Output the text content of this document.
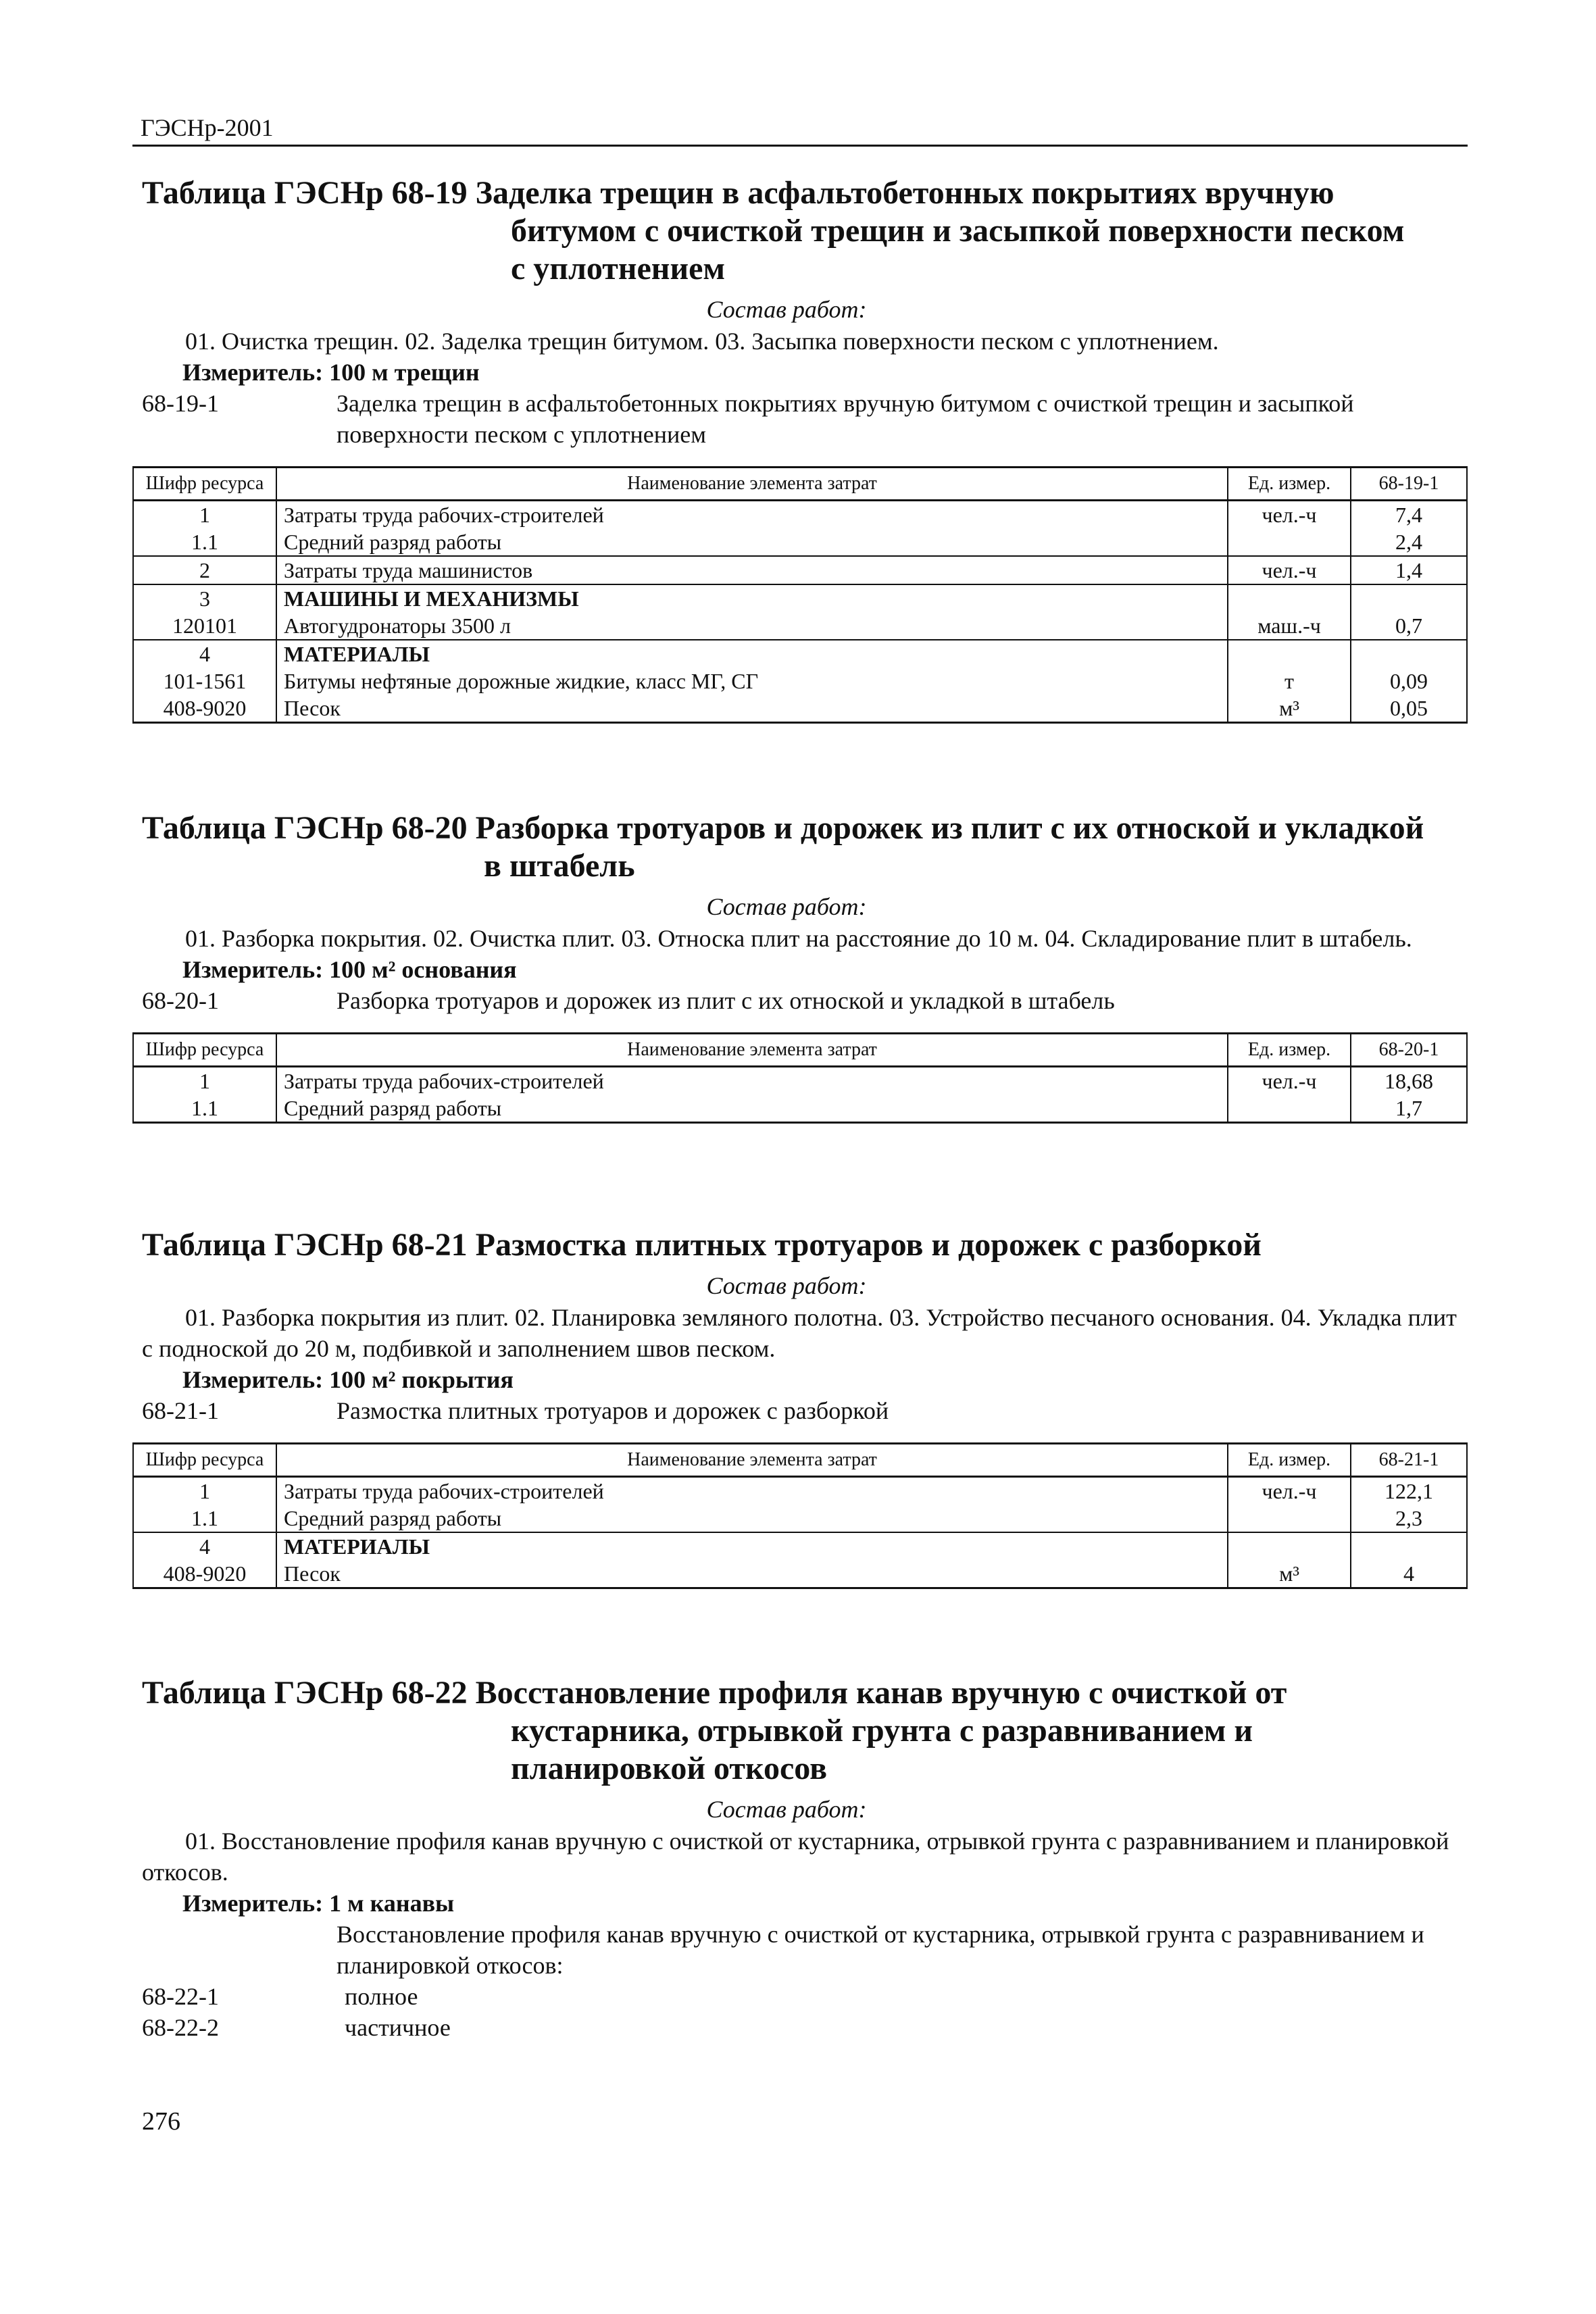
ГЭСНр-2001
Таблица ГЭСНр 68-19 Заделка трещин в асфальтобетонных покрытиях вручную
битумом с очисткой трещин и засыпкой поверхности песком
с уплотнением
Состав работ:
01. Очистка трещин. 02. Заделка трещин битумом. 03. Засыпка поверхности песком с уплотнением.
Измеритель: 100 м трещин
68-19-1	Заделка трещин в асфальтобетонных покрытиях вручную битумом с очисткой трещин и засыпкой поверхности песком с уплотнением
Шифр ресурса	Наименование элемента затрат	Ед. измер.	68-19-1
1	Затраты труда рабочих-строителей	чел.-ч	7,4
1.1	Средний разряд работы		2,4
2	Затраты труда машинистов	чел.-ч	1,4
3	МАШИНЫ И МЕХАНИЗМЫ		
120101	Автогудронаторы 3500 л	маш.-ч	0,7
4	МАТЕРИАЛЫ		
101-1561	Битумы нефтяные дорожные жидкие, класс МГ, СГ	т	0,09
408-9020	Песок	м³	0,05
Таблица ГЭСНр 68-20 Разборка тротуаров и дорожек из плит с их отноской и укладкой
в штабель
Состав работ:
01. Разборка покрытия. 02. Очистка плит. 03. Относка плит на расстояние до 10 м. 04. Складирование плит в штабель.
Измеритель: 100 м² основания
68-20-1	Разборка тротуаров и дорожек из плит с их отноской и укладкой в штабель
Шифр ресурса	Наименование элемента затрат	Ед. измер.	68-20-1
1	Затраты труда рабочих-строителей	чел.-ч	18,68
1.1	Средний разряд работы		1,7
Таблица ГЭСНр 68-21 Размостка плитных тротуаров и дорожек с разборкой
Состав работ:
01. Разборка покрытия из плит. 02. Планировка земляного полотна. 03. Устройство песчаного основания. 04. Укладка плит с подноской до 20 м, подбивкой и заполнением швов песком.
Измеритель: 100 м² покрытия
68-21-1	Размостка плитных тротуаров и дорожек с разборкой
Шифр ресурса	Наименование элемента затрат	Ед. измер.	68-21-1
1	Затраты труда рабочих-строителей	чел.-ч	122,1
1.1	Средний разряд работы		2,3
4	МАТЕРИАЛЫ		
408-9020	Песок	м³	4
Таблица ГЭСНр 68-22 Восстановление профиля канав вручную с очисткой от
кустарника, отрывкой грунта с разравниванием и
планировкой откосов
Состав работ:
01. Восстановление профиля канав вручную с очисткой от кустарника, отрывкой грунта с разравниванием и планировкой откосов.
Измеритель: 1 м канавы
Восстановление профиля канав вручную с очисткой от кустарника, отрывкой грунта с разравниванием и планировкой откосов:
68-22-1	полное
68-22-2	частичное
276
